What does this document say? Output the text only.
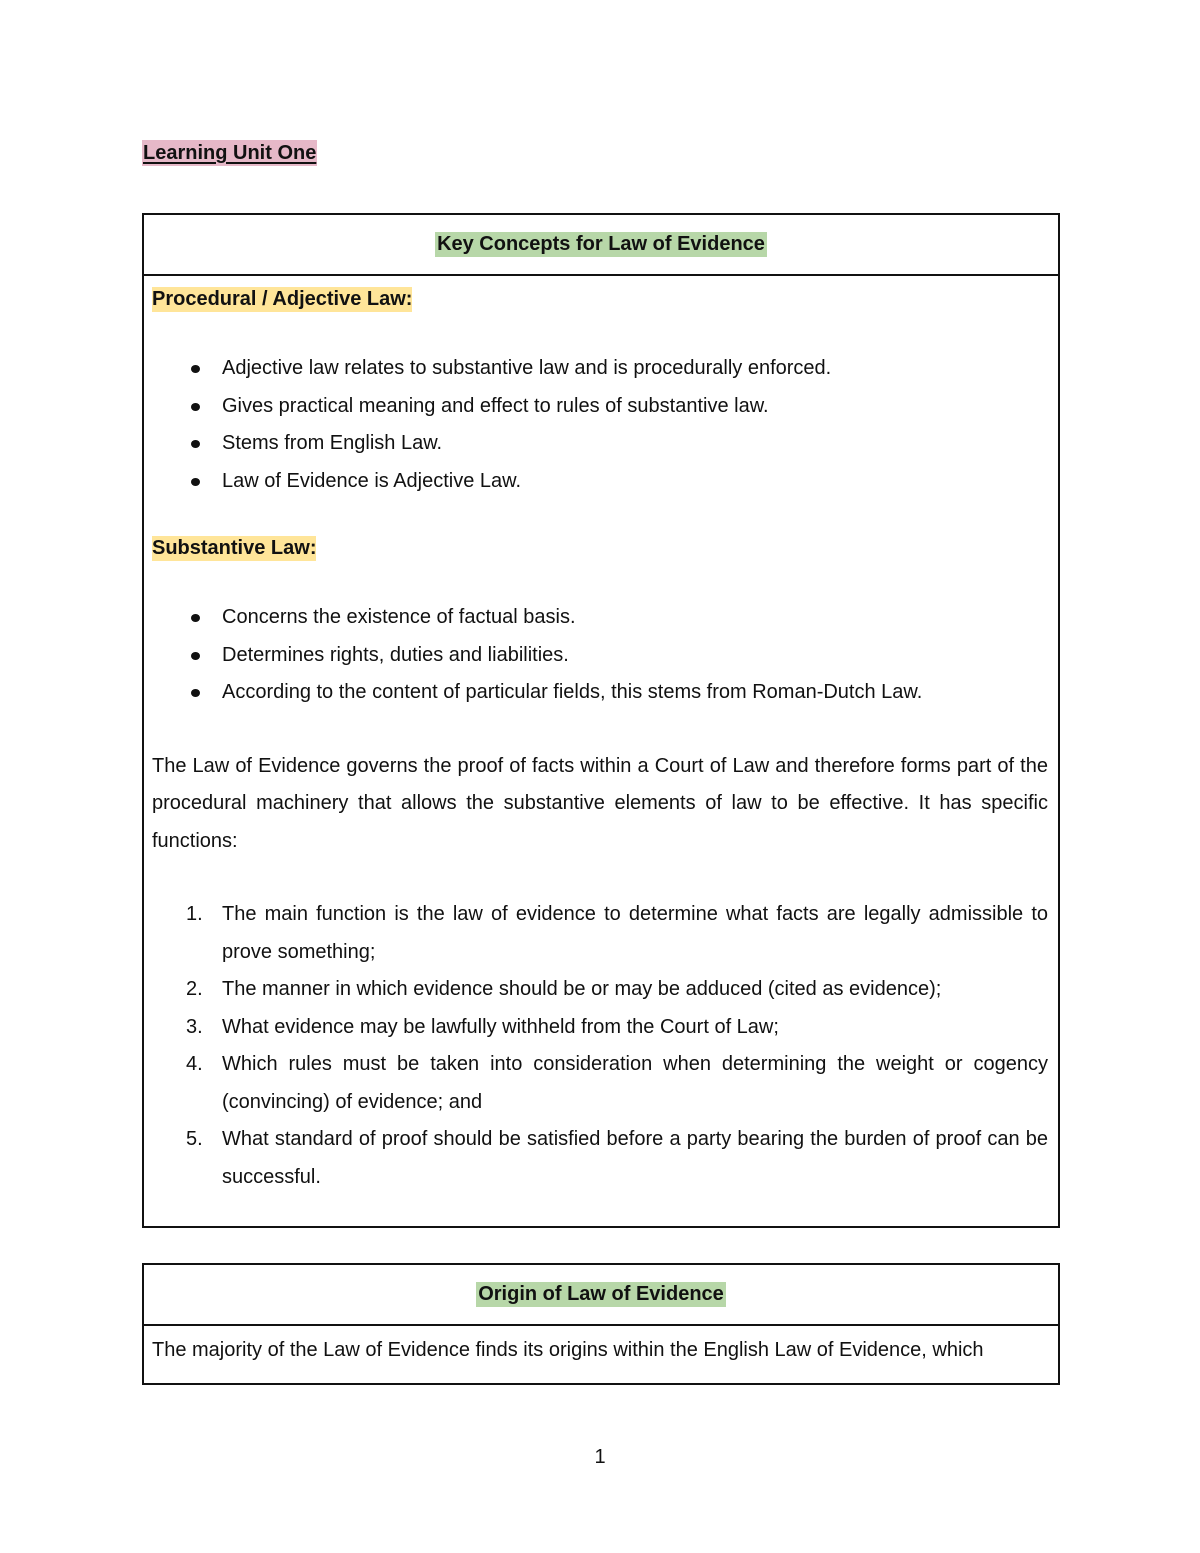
Learning Unit One
Key Concepts for Law of Evidence
Procedural / Adjective Law:
Adjective law relates to substantive law and is procedurally enforced.
Gives practical meaning and effect to rules of substantive law.
Stems from English Law.
Law of Evidence is Adjective Law.
Substantive Law:
Concerns the existence of factual basis.
Determines rights, duties and liabilities.
According to the content of particular fields, this stems from Roman-Dutch Law.

The Law of Evidence governs the proof of facts within a Court of Law and therefore forms part of the procedural machinery that allows the substantive elements of law to be effective. It has specific functions:

1. The main function is the law of evidence to determine what facts are legally admissible to prove something;
2. The manner in which evidence should be or may be adduced (cited as evidence);
3. What evidence may be lawfully withheld from the Court of Law;
4. Which rules must be taken into consideration when determining the weight or cogency (convincing) of evidence; and
5. What standard of proof should be satisfied before a party bearing the burden of proof can be successful.
Origin of Law of Evidence
The majority of the Law of Evidence finds its origins within the English Law of Evidence, which
1
